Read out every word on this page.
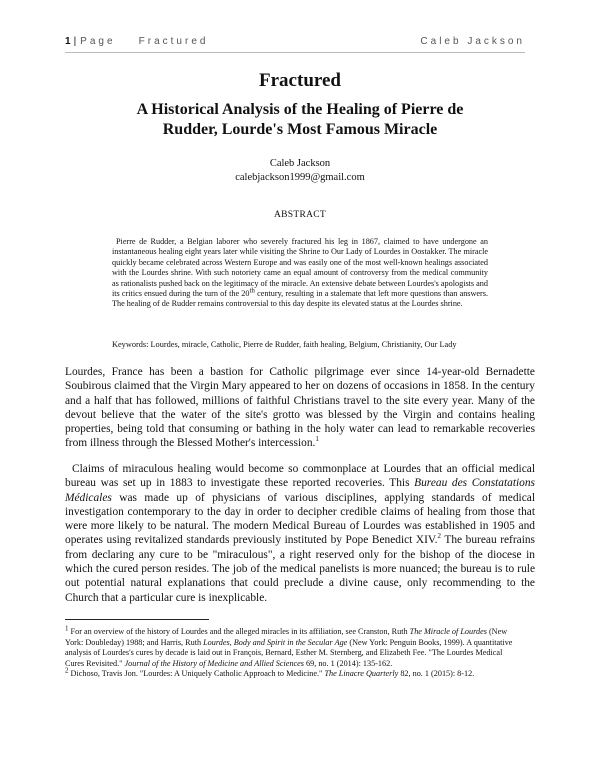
1 | Page Fractured	Caleb Jackson
Fractured
A Historical Analysis of the Healing of Pierre de Rudder, Lourde's Most Famous Miracle
Caleb Jackson
calebjackson1999@gmail.com
ABSTRACT
Pierre de Rudder, a Belgian laborer who severely fractured his leg in 1867, claimed to have undergone an instantaneous healing eight years later while visiting the Shrine to Our Lady of Lourdes in Oostakker. The miracle quickly became celebrated across Western Europe and was easily one of the most well-known healings associated with the Lourdes shrine. With such notoriety came an equal amount of controversy from the medical community as rationalists pushed back on the legitimacy of the miracle. An extensive debate between Lourdes's apologists and its critics ensued during the turn of the 20th century, resulting in a stalemate that left more questions than answers. The healing of de Rudder remains controversial to this day despite its elevated status at the Lourdes shrine.
Keywords: Lourdes, miracle, Catholic, Pierre de Rudder, faith healing, Belgium, Christianity, Our Lady
Lourdes, France has been a bastion for Catholic pilgrimage ever since 14-year-old Bernadette Soubirous claimed that the Virgin Mary appeared to her on dozens of occasions in 1858. In the century and a half that has followed, millions of faithful Christians travel to the site every year. Many of the devout believe that the water of the site's grotto was blessed by the Virgin and contains healing properties, being told that consuming or bathing in the holy water can lead to remarkable recoveries from illness through the Blessed Mother's intercession.$^1$
Claims of miraculous healing would become so commonplace at Lourdes that an official medical bureau was set up in 1883 to investigate these reported recoveries. This Bureau des Constatations Médicales was made up of physicians of various disciplines, applying standards of medical investigation contemporary to the day in order to decipher credible claims of healing from those that were more likely to be natural. The modern Medical Bureau of Lourdes was established in 1905 and operates using revitalized standards previously instituted by Pope Benedict XIV.$^2$ The bureau refrains from declaring any cure to be "miraculous", a right reserved only for the bishop of the diocese in which the cured person resides. The job of the medical panelists is more nuanced; the bureau is to rule out potential natural explanations that could preclude a divine cause, only recommending to the Church that a particular cure is inexplicable.

$^1$ For an overview of the history of Lourdes and the alleged miracles in its affiliation, see Cranston, Ruth The Miracle of Lourdes (New York: Doubleday) 1988; and Harris, Ruth Lourdes, Body and Spirit in the Secular Age (New York: Penguin Books, 1999). A quantitative analysis of Lourdes's cures by decade is laid out in François, Bernard, Esther M. Sternberg, and Elizabeth Fee. "The Lourdes Medical Cures Revisited." Journal of the History of Medicine and Allied Sciences 69, no. 1 (2014): 135-162.

$^2$ Dichoso, Travis Jon. "Lourdes: A Uniquely Catholic Approach to Medicine." The Linacre Quarterly 82, no. 1 (2015): 8-12.
